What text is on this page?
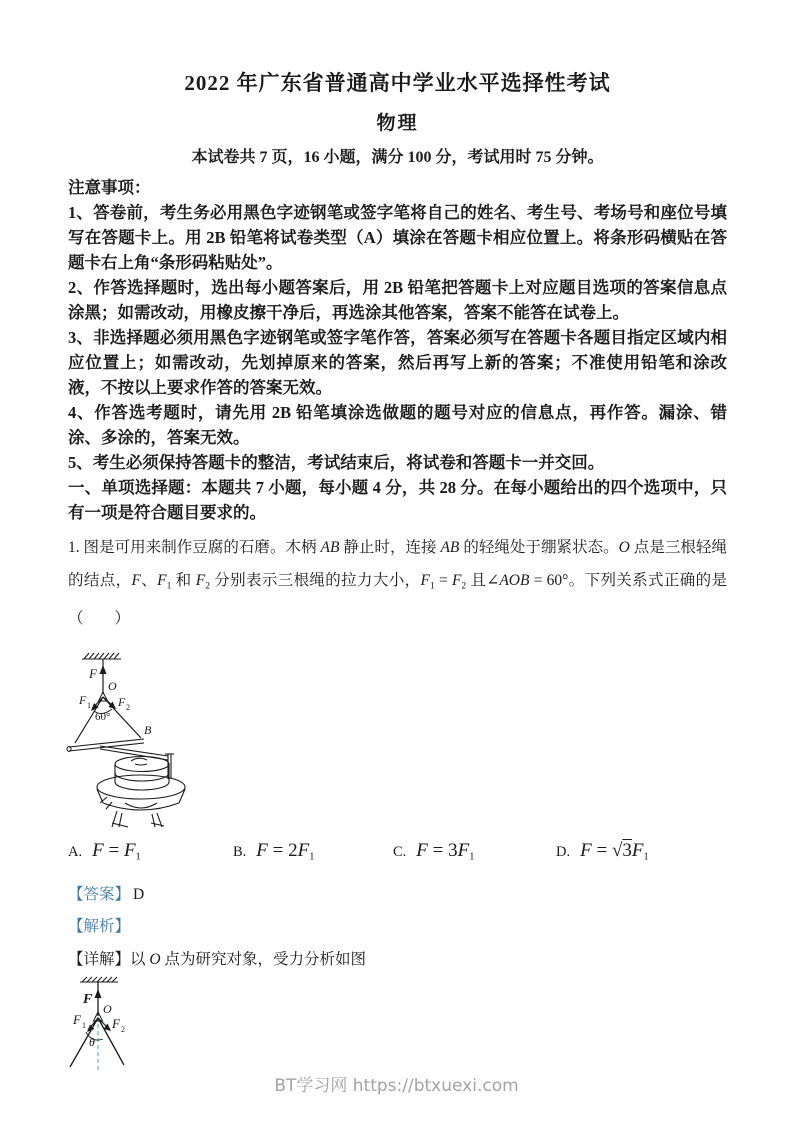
2022 年广东省普通高中学业水平选择性考试
物理

本试卷共 7 页，16 小题，满分 100 分，考试用时 75 分钟。

注意事项：

1、答卷前，考生务必用黑色字迹钢笔或签字笔将自己的姓名、考生号、考场号和座位号填写在答题卡上。用 2B 铅笔将试卷类型（A）填涂在答题卡相应位置上。将条形码横贴在答题卡右上角“条形码粘贴处”。

2、作答选择题时，选出每小题答案后，用 2B 铅笔把答题卡上对应题目选项的答案信息点涂黑；如需改动，用橡皮擦干净后，再选涂其他答案，答案不能答在试卷上。

3、非选择题必须用黑色字迹钢笔或签字笔作答，答案必须写在答题卡各题目指定区域内相应位置上；如需改动，先划掉原来的答案，然后再写上新的答案；不准使用铅笔和涂改液，不按以上要求作答的答案无效。

4、作答选考题时，请先用 2B 铅笔填涂选做题的题号对应的信息点，再作答。漏涂、错涂、多涂的，答案无效。

5、考生必须保持答题卡的整洁，考试结束后，将试卷和答题卡一并交回。

一、单项选择题：本题共 7 小题，每小题 4 分，共 28 分。在每小题给出的四个选项中，只有一项是符合题目要求的。

1. 图是可用来制作豆腐的石磨。木柄 AB 静止时，连接 AB 的轻绳处于绷紧状态。O 点是三根轻绳的结点，F、$F_1$ 和 $F_2$ 分别表示三根绳的拉力大小，$F_1 = F_2$ 且∠AOB = 60°。下列关系式正确的是（　　）

F
O
F 1 F 2
60°
B
A. F = F1	B. F = 2F1	C. F = 3F1	D. F = √3F1

【答案】 D

【解析】

【详解】以 O 点为研究对象，受力分析如图

F
O
F 1 F 2
θ
BT学习网 https://btxuexi.com
